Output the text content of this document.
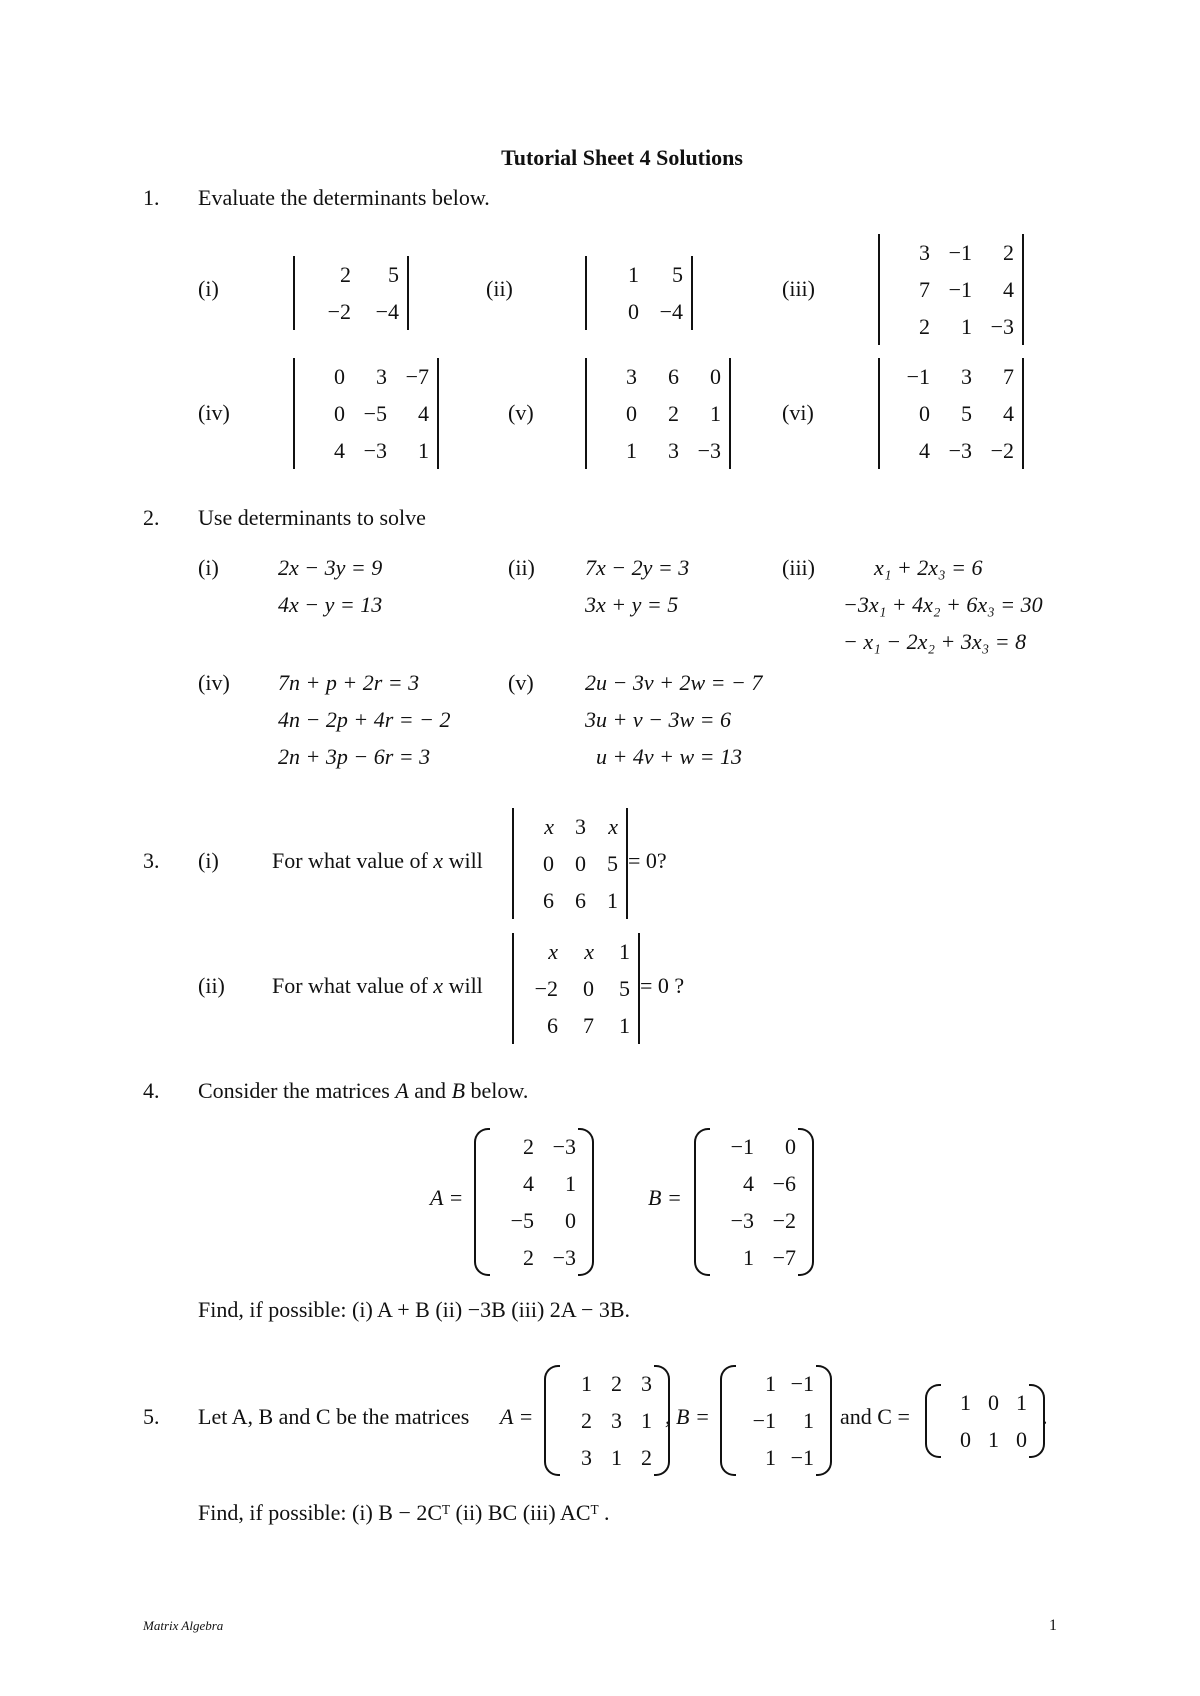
Tutorial Sheet 4 Solutions
1. Evaluate the determinants below.
(i)	(ii)	(iii)
(iv)	(v)	(vi)
2	5
−2	−4
1	5
0	−4
3	−1	2
7	−1	4
2	1	−3
0	3	−7
0	−5	4
4	−3	1
3	6	0
0	2	1
1	3	−3
−1	3	7
0	5	4
4	−3	−2
2. Use determinants to solve
(i)	(ii)	(iii)
(iv)	(v)
2x − 3y = 9
4x − y = 13
7x − 2y = 3
3x + y = 5
x₁ + 2x₃ = 6
−3x₁ + 4x₂ + 6x₃ = 30
− x₁ − 2x₂ + 3x₃ = 8
7n + p + 2r = 3
4n − 2p + 4r = − 2
2n + 3p − 6r = 3
2u − 3v + 2w = − 7
3u + v − 3w = 6
u + 4v + w = 13
3. (i) For what value of x will
x	3	x
0	0	5
6	6	1
= 0?
(ii) For what value of x will
x	x	1
−2	0	5
6	7	1
= 0 ?
4. Consider the matrices A and B below.
A =
2	−3
4	1
−5	0
2	−3
B =
−1	0
4	−6
−3	−2
1	−7
Find, if possible: (i) A + B (ii) −3B (iii) 2A − 3B.
5. Let A, B and C be the matrices A =
1	2	3
2	3	1
3	1	2
, B =
1	−1
−1	1
1	−1
and C =
1	0	1
0	1	0
.
Find, if possible: (i) B − 2Cᵀ (ii) BC (iii) ACᵀ .
Matrix Algebra	1
